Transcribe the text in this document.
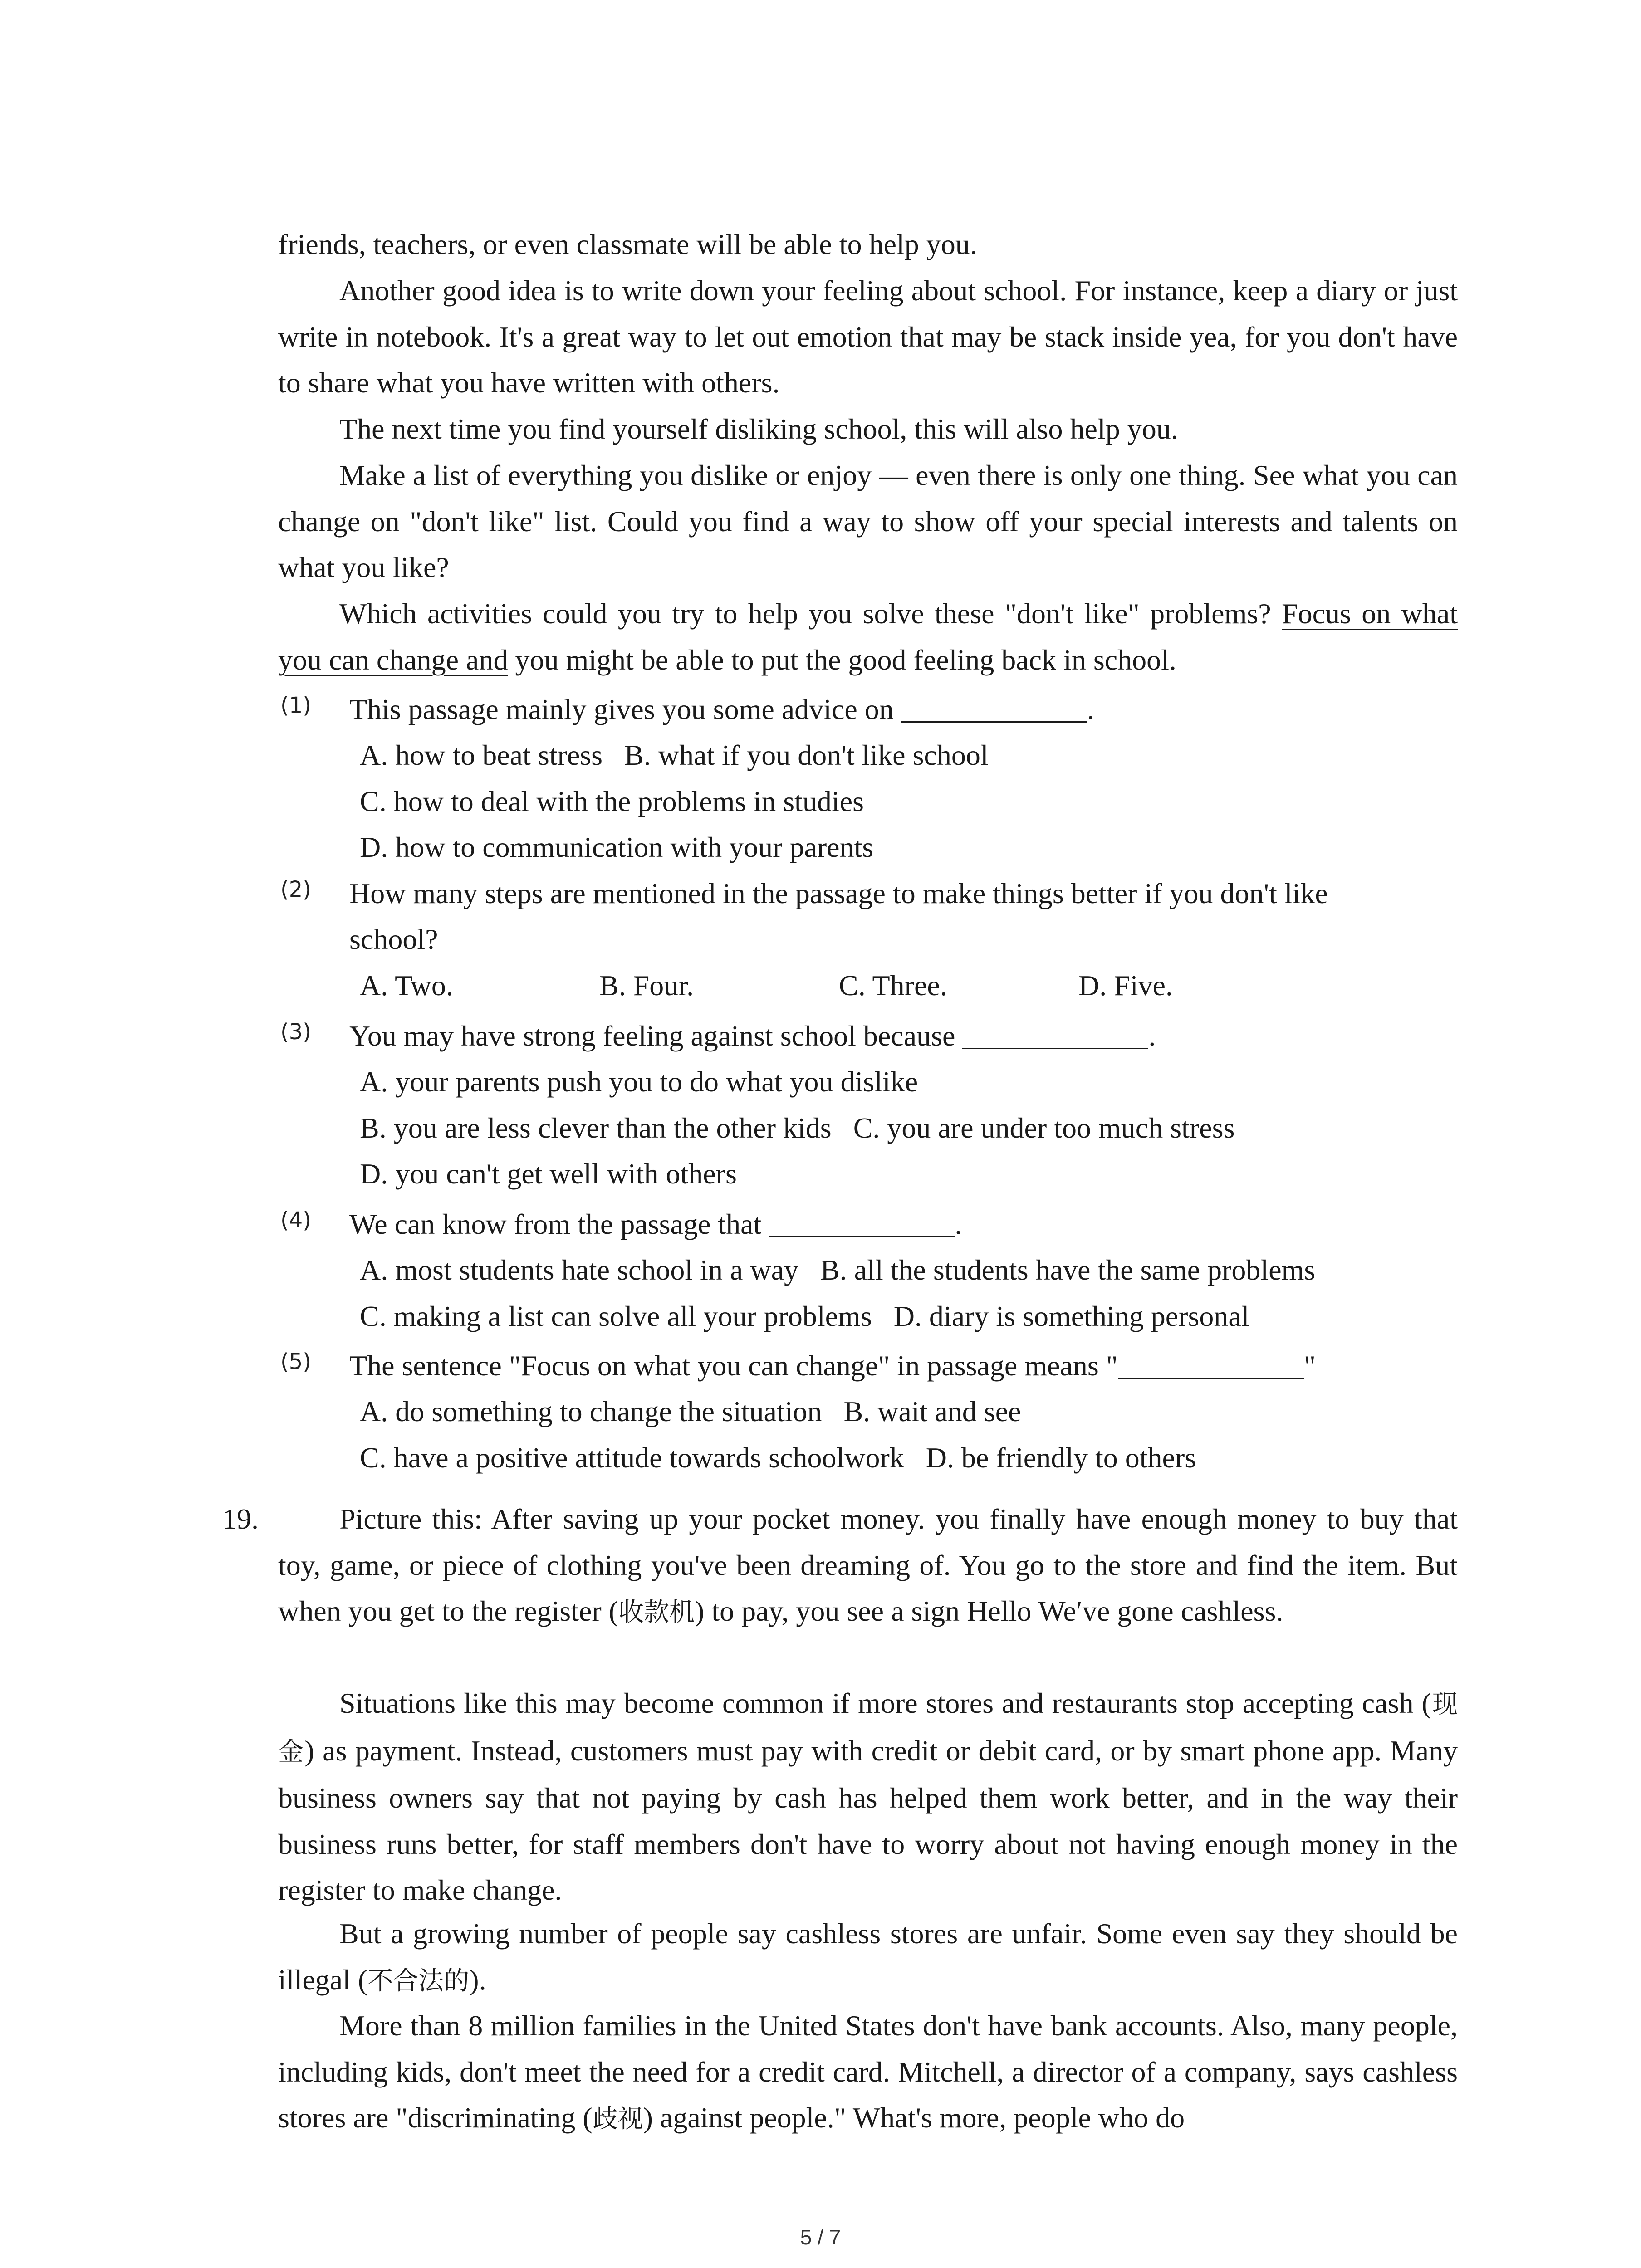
friends, teachers, or even classmate will be able to help you.
Another good idea is to write down your feeling about school. For instance, keep a diary or just write in notebook. It's a great way to let out emotion that may be stack inside yea, for you don't have to share what you have written with others.
The next time you find yourself disliking school, this will also help you.
Make a list of everything you dislike or enjoy — even there is only one thing. See what you can change on "don't like" list. Could you find a way to show off your special interests and talents on what you like?
Which activities could you try to help you solve these "don't like" problems? Focus on what you can change and you might be able to put the good feeling back in school.
(1) This passage mainly gives you some advice on	.
A. how to beat stress   B. what if you don't like school
C. how to deal with the problems in studies
D. how to communication with your parents
(2) How many steps are mentioned in the passage to make things better if you don't like
school?
A. Two.	B. Four.	C. Three.	D. Five.
(3) You may have strong feeling against school because	.
A. your parents push you to do what you dislike
B. you are less clever than the other kids   C. you are under too much stress
D. you can't get well with others
(4) We can know from the passage that	.
A. most students hate school in a way   B. all the students have the same problems
C. making a list can solve all your problems   D. diary is something personal
(5) The sentence "Focus on what you can change" in passage means "	"
A. do something to change the situation   B. wait and see
C. have a positive attitude towards schoolwork   D. be friendly to others
19.	Picture this: After saving up your pocket money. you finally have enough money to buy that toy, game, or piece of clothing you've been dreaming of. You go to the store and find the item. But when you get to the register (收款机) to pay, you see a sign Hello We′ve gone cashless.
Situations like this may become common if more stores and restaurants stop accepting cash (现金) as payment. Instead, customers must pay with credit or debit card, or by smart phone app. Many business owners say that not paying by cash has helped them work better, and in the way their business runs better, for staff members don't have to worry about not having enough money in the register to make change.
But a growing number of people say cashless stores are unfair. Some even say they should be illegal (不合法的).
More than 8 million families in the United States don't have bank accounts. Also, many people, including kids, don't meet the need for a credit card. Mitchell, a director of a company, says cashless stores are "discriminating (歧视) against people." What's more, people who do
5 / 7
